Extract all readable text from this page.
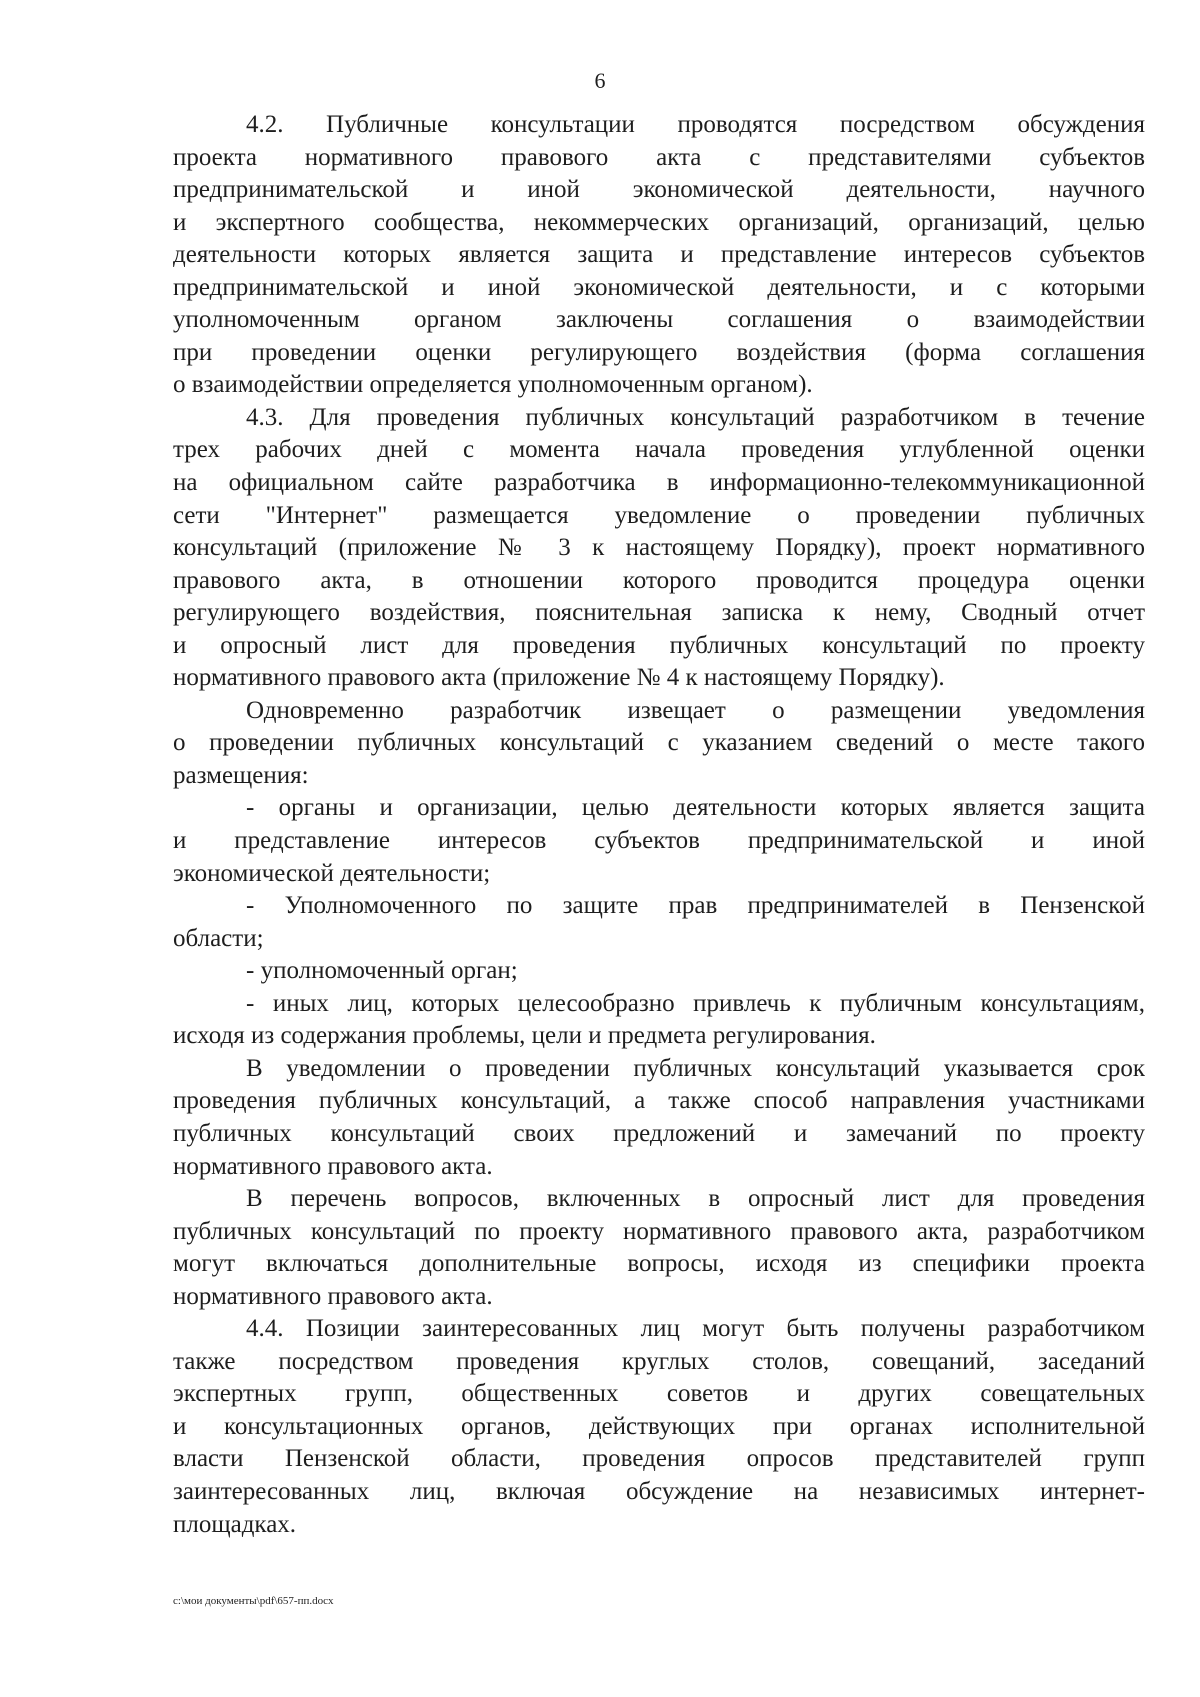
6
4.2. Публичные консультации проводятся посредством обсуждения
проекта нормативного правового акта с представителями субъектов
предпринимательской и иной экономической деятельности, научного
и экспертного сообщества, некоммерческих организаций, организаций, целью
деятельности которых является защита и представление интересов субъектов
предпринимательской и иной экономической деятельности, и с которыми
уполномоченным органом заключены соглашения о взаимодействии
при проведении оценки регулирующего воздействия (форма соглашения
о взаимодействии определяется уполномоченным органом).
4.3. Для проведения публичных консультаций разработчиком в течение
трех рабочих дней с момента начала проведения углубленной оценки
на официальном сайте разработчика в информационно-телекоммуникационной
сети "Интернет" размещается уведомление о проведении публичных
консультаций (приложение № 3 к настоящему Порядку), проект нормативного
правового акта, в отношении которого проводится процедура оценки
регулирующего воздействия, пояснительная записка к нему, Сводный отчет
и опросный лист для проведения публичных консультаций по проекту
нормативного правового акта (приложение № 4 к настоящему Порядку).
Одновременно разработчик извещает о размещении уведомления
о проведении публичных консультаций с указанием сведений о месте такого
размещения:
- органы и организации, целью деятельности которых является защита
и представление интересов субъектов предпринимательской и иной
экономической деятельности;
- Уполномоченного по защите прав предпринимателей в Пензенской
области;
- уполномоченный орган;
- иных лиц, которых целесообразно привлечь к публичным консультациям,
исходя из содержания проблемы, цели и предмета регулирования.
В уведомлении о проведении публичных консультаций указывается срок
проведения публичных консультаций, а также способ направления участниками
публичных консультаций своих предложений и замечаний по проекту
нормативного правового акта.
В перечень вопросов, включенных в опросный лист для проведения
публичных консультаций по проекту нормативного правового акта, разработчиком
могут включаться дополнительные вопросы, исходя из специфики проекта
нормативного правового акта.
4.4. Позиции заинтересованных лиц могут быть получены разработчиком
также посредством проведения круглых столов, совещаний, заседаний
экспертных групп, общественных советов и других совещательных
и консультационных органов, действующих при органах исполнительной
власти Пензенской области, проведения опросов представителей групп
заинтересованных лиц, включая обсуждение на независимых интернет-
площадках.
c:\мои документы\pdf\657-пп.docx
